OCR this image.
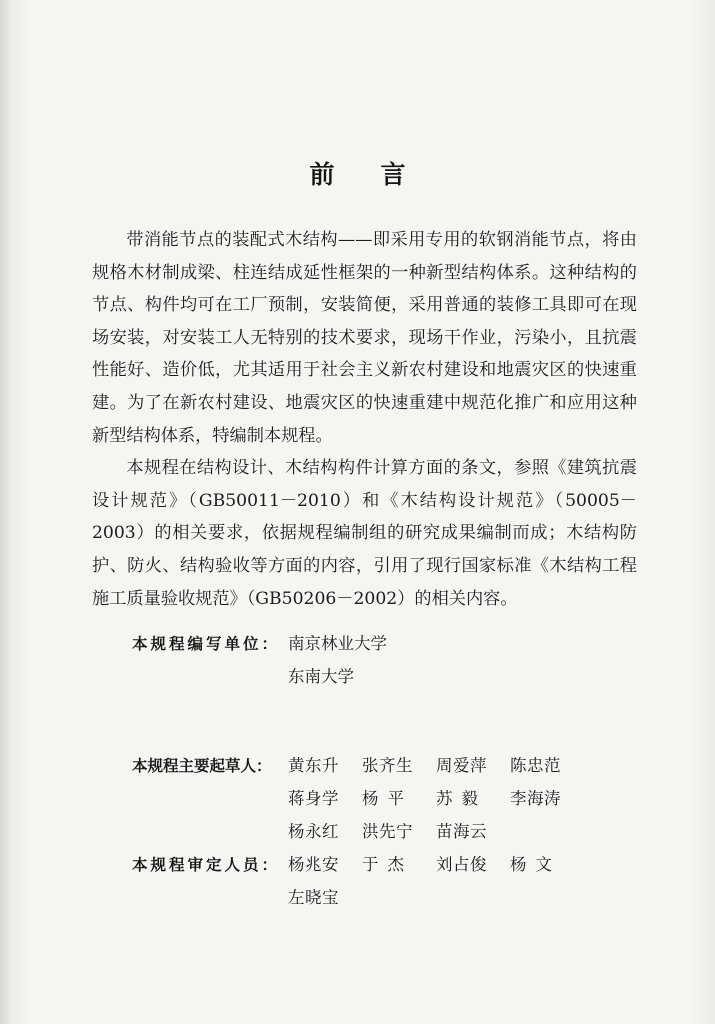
前言

带消能节点的装配式木结构——即采用专用的软钢消能节点，将由规格木材制成梁、柱连结成延性框架的一种新型结构体系。这种结构的节点、构件均可在工厂预制，安装简便，采用普通的装修工具即可在现场安装，对安装工人无特别的技术要求，现场干作业，污染小，且抗震性能好、造价低，尤其适用于社会主义新农村建设和地震灾区的快速重建。为了在新农村建设、地震灾区的快速重建中规范化推广和应用这种新型结构体系，特编制本规程。

本规程在结构设计、木结构构件计算方面的条文，参照《建筑抗震设计规范》（GB50011－2010）和《木结构设计规范》（50005－2003）的相关要求，依据规程编制组的研究成果编制而成；木结构防护、防火、结构验收等方面的内容，引用了现行国家标准《木结构工程施工质量验收规范》（GB50206－2002）的相关内容。

本规程编写单位： 南京林业大学
东南大学
本规程主要起草人： 黄东升	张齐生	周爱萍	陈忠范
蒋身学	杨平	苏毅	李海涛
杨永红	洪先宁	苗海云
本规程审定人员： 杨兆安	于杰	刘占俊	杨文
左晓宝
